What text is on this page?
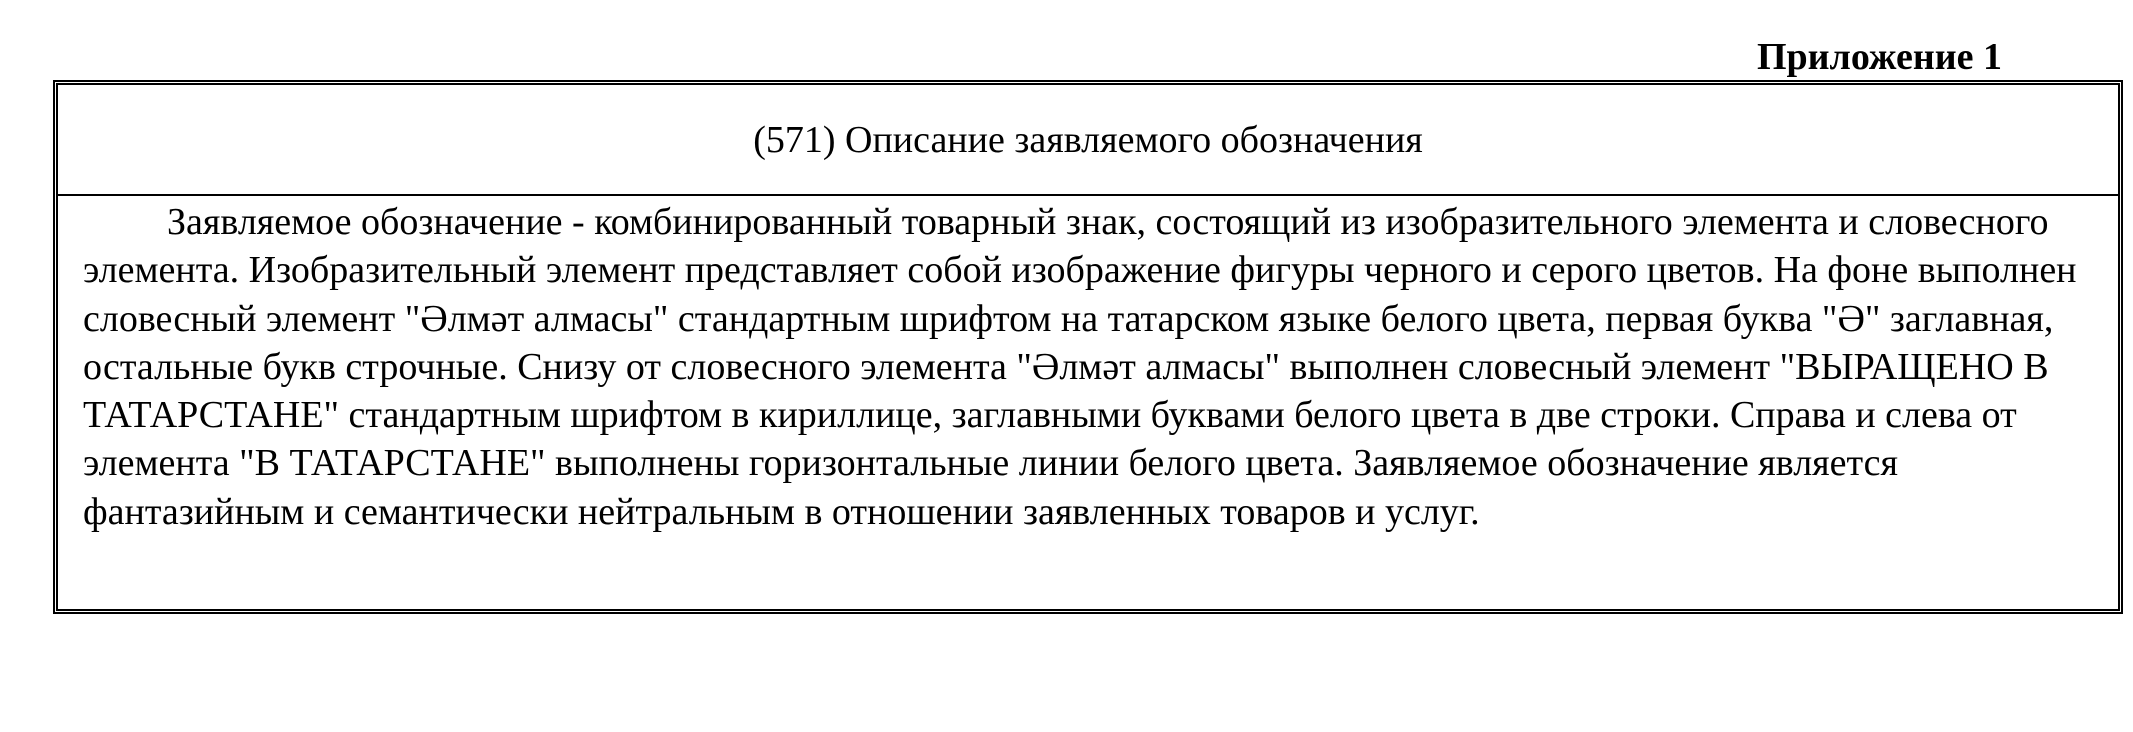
Приложение 1
(571) Описание заявляемого обозначения

Заявляемое обозначение - комбинированный товарный знак, состоящий из изобразительного элемента и словесного элемента. Изобразительный элемент представляет собой изображение фигуры черного и серого цветов. На фоне выполнен словесный элемент "Әлмәт алмасы" стандартным шрифтом на татарском языке белого цвета, первая буква "Ә" заглавная, остальные букв строчные. Снизу от словесного элемента "Әлмәт алмасы" выполнен словесный элемент "ВЫРАЩЕНО В ТАТАРСТАНЕ" стандартным шрифтом в кириллице, заглавными буквами белого цвета в две строки. Справа и слева от элемента "В ТАТАРСТАНЕ" выполнены горизонтальные линии белого цвета. Заявляемое обозначение является фантазийным и семантически нейтральным в отношении заявленных товаров и услуг.
